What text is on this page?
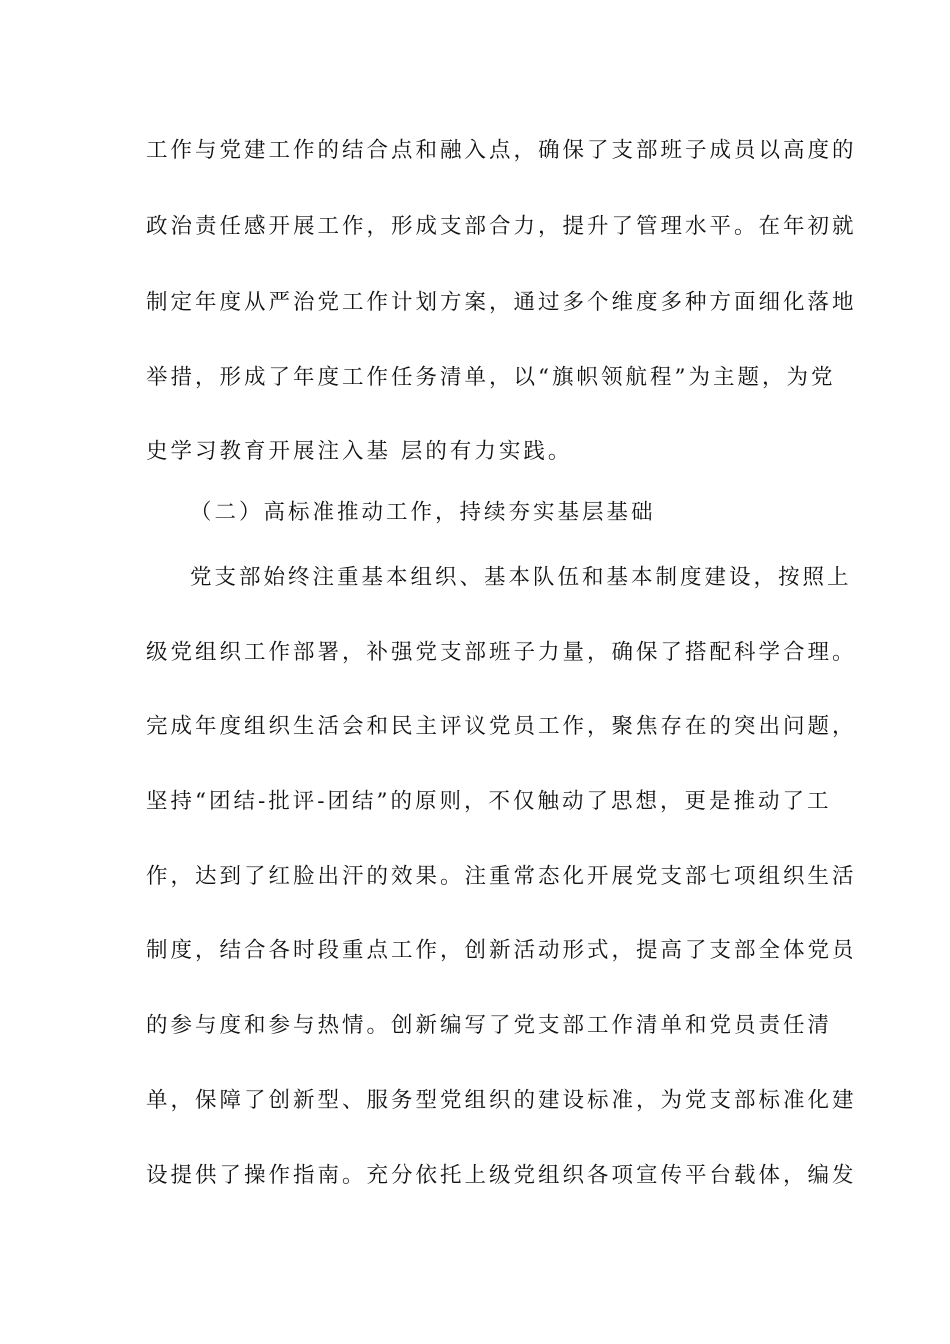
工作与党建工作的结合点和融入点，确保了支部班子成员以高度的
政治责任感开展工作，形成支部合力，提升了管理水平。在年初就
制定年度从严治党工作计划方案，通过多个维度多种方面细化落地
举措，形成了年度工作任务清单，以“旗帜领航程”为主题，为党
史学习教育开展注入基 层的有力实践。
（二）高标准推动工作，持续夯实基层基础
党支部始终注重基本组织、基本队伍和基本制度建设，按照上
级党组织工作部署，补强党支部班子力量，确保了搭配科学合理。
完成年度组织生活会和民主评议党员工作，聚焦存在的突出问题，
坚持“团结-批评-团结”的原则，不仅触动了思想，更是推动了工
作，达到了红脸出汗的效果。注重常态化开展党支部七项组织生活
制度，结合各时段重点工作，创新活动形式，提高了支部全体党员
的参与度和参与热情。创新编写了党支部工作清单和党员责任清
单，保障了创新型、服务型党组织的建设标准，为党支部标准化建
设提供了操作指南。充分依托上级党组织各项宣传平台载体，编发
